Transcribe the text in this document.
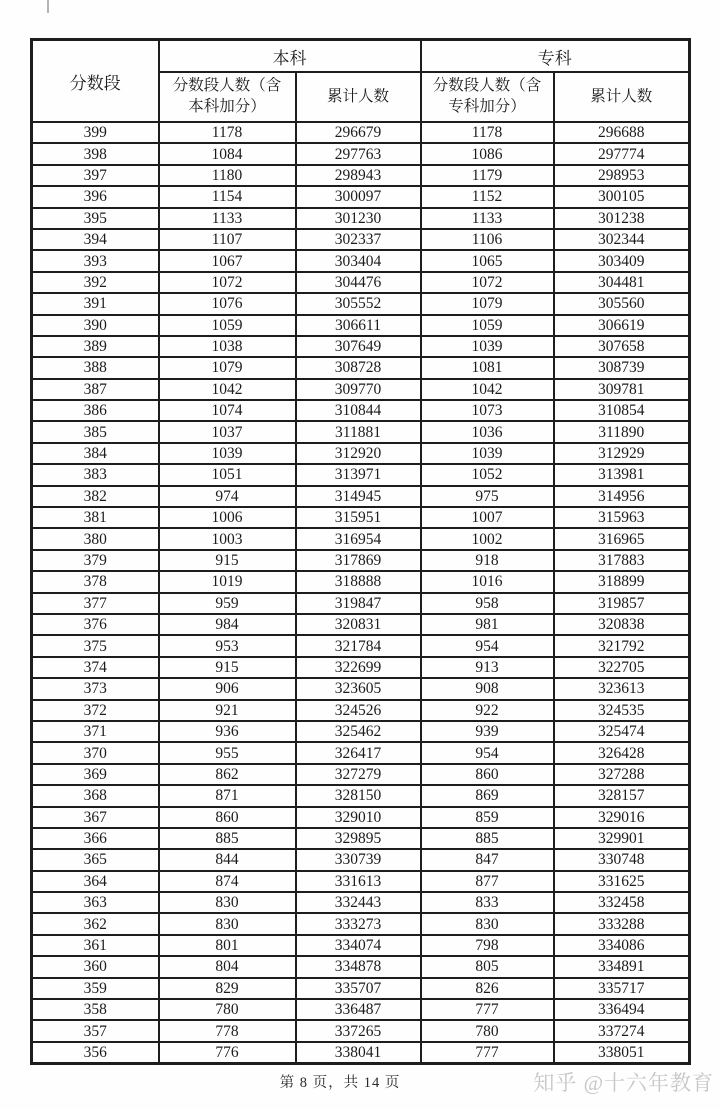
分数段	本科		专科	
	分数段人数（含本科加分）	累计人数	分数段人数（含专科加分）	累计人数
399	1178	296679	1178	296688
398	1084	297763	1086	297774
397	1180	298943	1179	298953
396	1154	300097	1152	300105
395	1133	301230	1133	301238
394	1107	302337	1106	302344
393	1067	303404	1065	303409
392	1072	304476	1072	304481
391	1076	305552	1079	305560
390	1059	306611	1059	306619
389	1038	307649	1039	307658
388	1079	308728	1081	308739
387	1042	309770	1042	309781
386	1074	310844	1073	310854
385	1037	311881	1036	311890
384	1039	312920	1039	312929
383	1051	313971	1052	313981
382	974	314945	975	314956
381	1006	315951	1007	315963
380	1003	316954	1002	316965
379	915	317869	918	317883
378	1019	318888	1016	318899
377	959	319847	958	319857
376	984	320831	981	320838
375	953	321784	954	321792
374	915	322699	913	322705
373	906	323605	908	323613
372	921	324526	922	324535
371	936	325462	939	325474
370	955	326417	954	326428
369	862	327279	860	327288
368	871	328150	869	328157
367	860	329010	859	329016
366	885	329895	885	329901
365	844	330739	847	330748
364	874	331613	877	331625
363	830	332443	833	332458
362	830	333273	830	333288
361	801	334074	798	334086
360	804	334878	805	334891
359	829	335707	826	335717
358	780	336487	777	336494
357	778	337265	780	337274
356	776	338041	777	338051
第 8 页，共 14 页	知乎 @十六年教育
